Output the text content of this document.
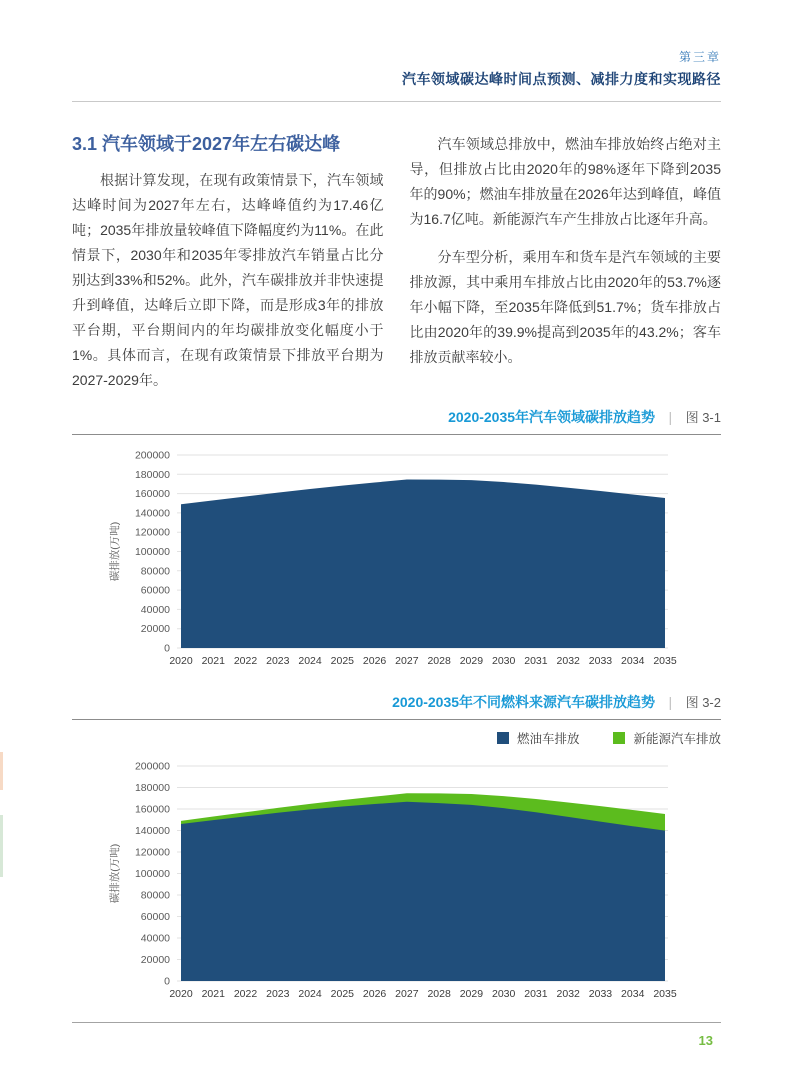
第三章
汽车领域碳达峰时间点预测、减排力度和实现路径
3.1 汽车领域于2027年左右碳达峰

根据计算发现，在现有政策情景下，汽车领域达峰时间为2027年左右，达峰峰值约为17.46亿吨；2035年排放量较峰值下降幅度约为11%。在此情景下，2030年和2035年零排放汽车销量占比分别达到33%和52%。此外，汽车碳排放并非快速提升到峰值，达峰后立即下降，而是形成3年的排放平台期，平台期间内的年均碳排放变化幅度小于1%。具体而言，在现有政策情景下排放平台期为2027-2029年。

汽车领域总排放中，燃油车排放始终占绝对主导，但排放占比由2020年的98%逐年下降到2035年的90%；燃油车排放量在2026年达到峰值，峰值为16.7亿吨。新能源汽车产生排放占比逐年升高。

分车型分析，乘用车和货车是汽车领域的主要排放源，其中乘用车排放占比由2020年的53.7%逐年小幅下降，至2035年降低到51.7%；货车排放占比由2020年的39.9%提高到2035年的43.2%；客车排放贡献率较小。

2020-2035年汽车领域碳排放趋势 | 图 3-1
0
20000
40000
60000
80000
100000
120000
140000
160000
180000
200000
2020 2021 2022 2023 2024 2025 2026 2027 2028 2029 2030 2031 2032 2033 2034 2035
碳排放(万吨)
2020-2035年不同燃料来源汽车碳排放趋势 | 图 3-2
燃油车排放	新能源汽车排放
0
20000
40000
60000
80000
100000
120000
140000
160000
180000
200000
2020 2021 2022 2023 2024 2025 2026 2027 2028 2029 2030 2031 2032 2033 2034 2035
碳排放(万吨)
13
